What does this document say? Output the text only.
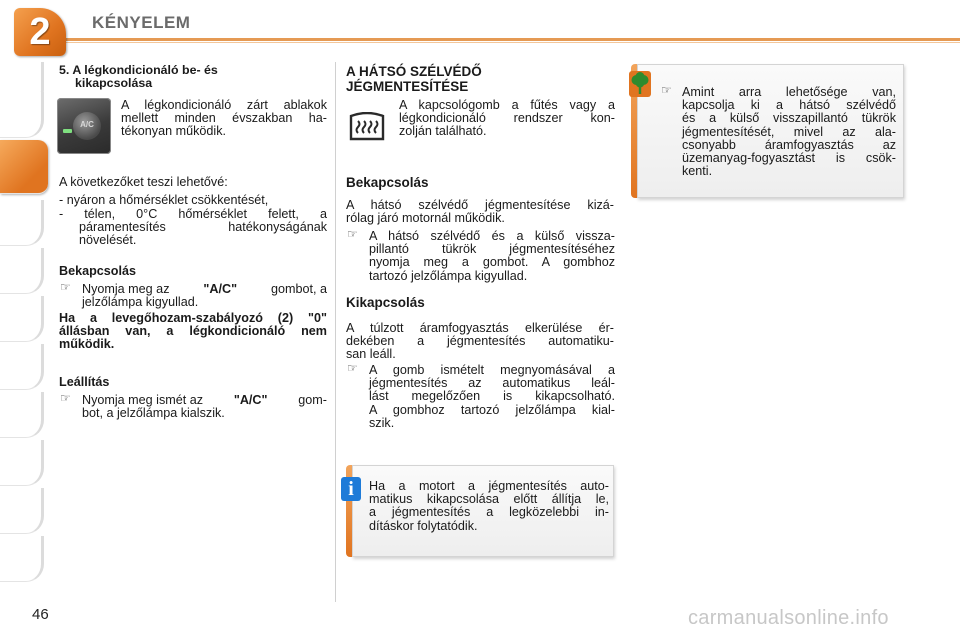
2	KÉNYELEM
5. A légkondicionáló be- és
kikapcsolása
A/C
A légkondicionáló zárt ablakok
mellett minden évszakban ha-
tékonyan működik.
A következőket teszi lehetővé:
- nyáron a hőmérséklet csökkentését,
- télen, 0°C hőmérséklet felett, a
páramentesítés hatékonyságának
növelését.
Bekapcsolás
☞ Nyomja meg az	"A/C"	gombot, a
jelzőlámpa kigyullad.
Ha a levegőhozam-szabályozó (2) "0"
állásban van, a légkondicionáló nem
működik.
Leállítás
☞ Nyomja meg ismét az "A/C" gom-
bot, a jelzőlámpa kialszik.
A HÁTSÓ SZÉLVÉDŐ
JÉGMENTESÍTÉSE
A kapcsológomb a fűtés vagy a
légkondicionáló rendszer kon-
zolján található.
Bekapcsolás
A hátsó szélvédő jégmentesítése kizá-
rólag járó motornál működik.
☞ A hátsó szélvédő és a külső vissza-
pillantó tükrök jégmentesítéséhez
nyomja meg a gombot. A gombhoz
tartozó jelzőlámpa kigyullad.
Kikapcsolás
A túlzott áramfogyasztás elkerülése ér-
dekében a jégmentesítés automatiku-
san leáll.
☞ A gomb ismételt megnyomásával a
jégmentesítés az automatikus leál-
lást megelőzően is kikapcsolható.
A gombhoz tartozó jelzőlámpa kial-
szik.
i	Ha a motort a jégmentesítés auto-
matikus kikapcsolása előtt állítja le,
a jégmentesítés a legközelebbi in-
dításkor folytatódik.
☞ Amint arra lehetősége van,
kapcsolja ki a hátsó szélvédő
és a külső visszapillantó tükrök
jégmentesítését, mivel az ala-
csonyabb áramfogyasztás az
üzemanyag-fogyasztást is csök-
kenti.
46	carmanualsonline.info
